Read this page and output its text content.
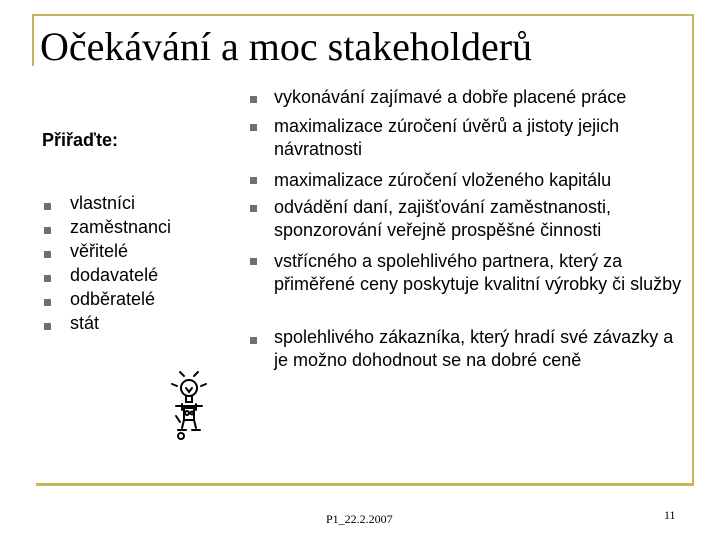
Očekávání a moc stakeholderů
Přiřaďte:
vlastníci
zaměstnanci
věřitelé
dodavatelé
odběratelé
stát
vykonávání zajímavé a dobře placené práce
maximalizace zúročení úvěrů a jistoty jejich návratnosti
maximalizace zúročení vloženého kapitálu
odvádění daní, zajišťování zaměstnanosti, sponzorování veřejně prospěšné činnosti
vstřícného a spolehlivého partnera, který za přiměřené ceny poskytuje kvalitní výrobky či služby
spolehlivého zákazníka, který hradí své závazky a je možno dohodnout se na dobré ceně
P1_22.2.2007	11
